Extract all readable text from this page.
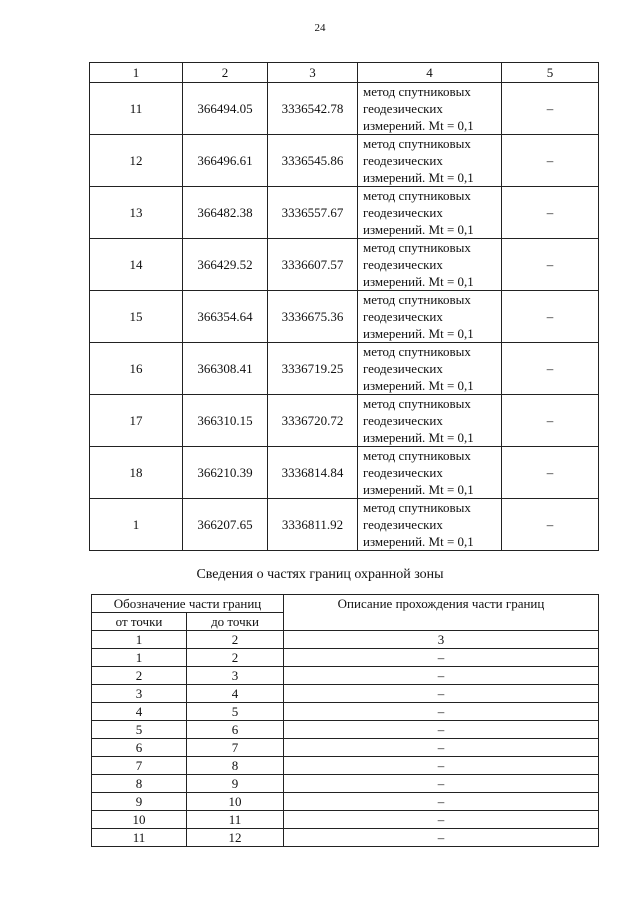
24
1	2	3	4	5
11	366494.05	3336542.78	метод спутниковых
геодезических
измерений. Mt = 0,1	–
12	366496.61	3336545.86	метод спутниковых
геодезических
измерений. Mt = 0,1	–
13	366482.38	3336557.67	метод спутниковых
геодезических
измерений. Mt = 0,1	–
14	366429.52	3336607.57	метод спутниковых
геодезических
измерений. Mt = 0,1	–
15	366354.64	3336675.36	метод спутниковых
геодезических
измерений. Mt = 0,1	–
16	366308.41	3336719.25	метод спутниковых
геодезических
измерений. Mt = 0,1	–
17	366310.15	3336720.72	метод спутниковых
геодезических
измерений. Mt = 0,1	–
18	366210.39	3336814.84	метод спутниковых
геодезических
измерений. Mt = 0,1	–
1	366207.65	3336811.92	метод спутниковых
геодезических
измерений. Mt = 0,1	–
Сведения о частях границ охранной зоны
Обозначение части границ		Описание прохождения части границ
от точки	до точки	
1	2	3
1	2	–
2	3	–
3	4	–
4	5	–
5	6	–
6	7	–
7	8	–
8	9	–
9	10	–
10	11	–
11	12	–
